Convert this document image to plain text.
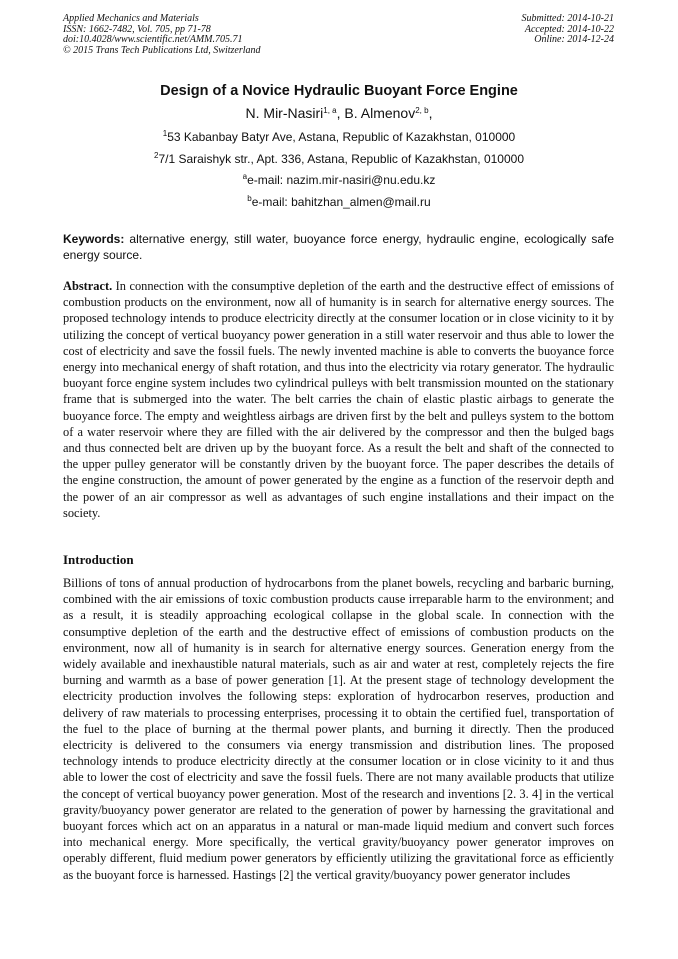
Applied Mechanics and Materials
ISSN: 1662-7482, Vol. 705, pp 71-78
doi:10.4028/www.scientific.net/AMM.705.71
© 2015 Trans Tech Publications Ltd, Switzerland
Submitted: 2014-10-21
Accepted: 2014-10-22
Online: 2014-12-24
Design of a Novice Hydraulic Buoyant Force Engine
N. Mir-Nasiri$^{1, a}$, B. Almenov$^{2, b}$,
$^1$53 Kabanbay Batyr Ave, Astana, Republic of Kazakhstan, 010000
$^2$7/1 Saraishyk str., Apt. 336, Astana, Republic of Kazakhstan, 010000
$^a$e-mail: nazim.mir-nasiri@nu.edu.kz
$^b$e-mail: bahitzhan_almen@mail.ru
Keywords: alternative energy, still water, buoyance force energy, hydraulic engine, ecologically safe energy source.
Abstract. In connection with the consumptive depletion of the earth and the destructive effect of emissions of combustion products on the environment, now all of humanity is in search for alternative energy sources. The proposed technology intends to produce electricity directly at the consumer location or in close vicinity to it by utilizing the concept of vertical buoyancy power generation in a still water reservoir and thus able to lower the cost of electricity and save the fossil fuels. The newly invented machine is able to converts the buoyance force energy into mechanical energy of shaft rotation, and thus into the electricity via rotary generator. The hydraulic buoyant force engine system includes two cylindrical pulleys with belt transmission mounted on the stationary frame that is submerged into the water. The belt carries the chain of elastic plastic airbags to generate the buoyance force. The empty and weightless airbags are driven first by the belt and pulleys system to the bottom of a water reservoir where they are filled with the air delivered by the compressor and then the bulged bags and thus connected belt are driven up by the buoyant force. As a result the belt and shaft of the connected to the upper pulley generator will be constantly driven by the buoyant force. The paper describes the details of the engine construction, the amount of power generated by the engine as a function of the reservoir depth and the power of an air compressor as well as advantages of such engine installations and their impact on the society.
Introduction
Billions of tons of annual production of hydrocarbons from the planet bowels, recycling and barbaric burning, combined with the air emissions of toxic combustion products cause irreparable harm to the environment; and as a result, it is steadily approaching ecological collapse in the global scale. In connection with the consumptive depletion of the earth and the destructive effect of emissions of combustion products on the environment, now all of humanity is in search for alternative energy sources. Generation energy from the widely available and inexhaustible natural materials, such as air and water at rest, completely rejects the fire burning and warmth as a base of power generation [1]. At the present stage of technology development the electricity production involves the following steps: exploration of hydrocarbon reserves, production and delivery of raw materials to processing enterprises, processing it to obtain the certified fuel, transportation of the fuel to the place of burning at the thermal power plants, and burning it directly. Then the produced electricity is delivered to the consumers via energy transmission and distribution lines. The proposed technology intends to produce electricity directly at the consumer location or in close vicinity to it and thus able to lower the cost of electricity and save the fossil fuels. There are not many available products that utilize the concept of vertical buoyancy power generation. Most of the research and inventions [2. 3. 4] in the vertical gravity/buoyancy power generator are related to the generation of power by harnessing the gravitational and buoyant forces which act on an apparatus in a natural or man-made liquid medium and convert such forces into mechanical energy. More specifically, the vertical gravity/buoyancy power generator improves on operably different, fluid medium power generators by efficiently utilizing the gravitational force as efficiently as the buoyant force is harnessed. Hastings [2] the vertical gravity/buoyancy power generator includes
